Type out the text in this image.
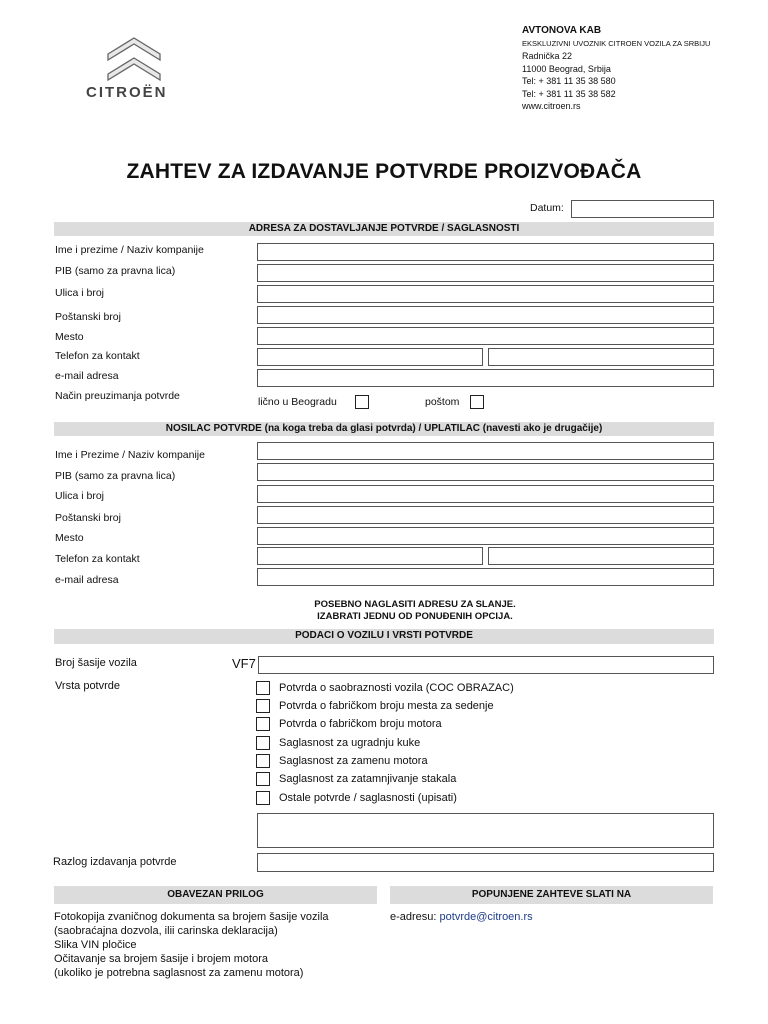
CITROËN
AVTONOVA KAB
EKSKLUZIVNI UVOZNIK CITROEN VOZILA ZA SRBIJU
Radnička 22
11000 Beograd, Srbija
Tel: + 381 11 35 38 580
Tel: + 381 11 35 38 582
www.citroen.rs
ZAHTEV ZA IZDAVANJE POTVRDE PROIZVOĐAČA
Datum:
ADRESA ZA DOSTAVLJANJE POTVRDE / SAGLASNOSTI
Ime i prezime / Naziv kompanije
PIB (samo za pravna lica)
Ulica i broj
Poštanski broj
Mesto
Telefon za kontakt
e-mail adresa
Način preuzimanja potvrde	lično u Beogradu	poštom
NOSILAC POTVRDE (na koga treba da glasi potvrda) / UPLATILAC (navesti ako je drugačije)
Ime i Prezime / Naziv kompanije
PIB (samo za pravna lica)
Ulica i broj
Poštanski broj
Mesto
Telefon za kontakt
e-mail adresa
POSEBNO NAGLASITI ADRESU ZA SLANJE.
IZABRATI JEDNU OD PONUĐENIH OPCIJA.
PODACI O VOZILU I VRSTI POTVRDE
Broj šasije vozila	VF7
Vrsta potvrde	Potvrda o saobraznosti vozila (COC OBRAZAC)
Potvrda o fabričkom broju mesta za sedenje
Potvrda o fabričkom broju motora
Saglasnost za ugradnju kuke
Saglasnost za zamenu motora
Saglasnost za zatamnjivanje stakala
Ostale potvrde / saglasnosti (upisati)
Razlog izdavanja potvrde
OBAVEZAN PRILOG	POPUNJENE ZAHTEVE SLATI NA
Fotokopija zvaničnog dokumenta sa brojem šasije vozila
(saobraćajna dozvola, ilii carinska deklaracija)
Slika VIN pločice
Očitavanje sa brojem šasije i brojem motora
(ukoliko je potrebna saglasnost za zamenu motora)
e-adresu: potvrde@citroen.rs
